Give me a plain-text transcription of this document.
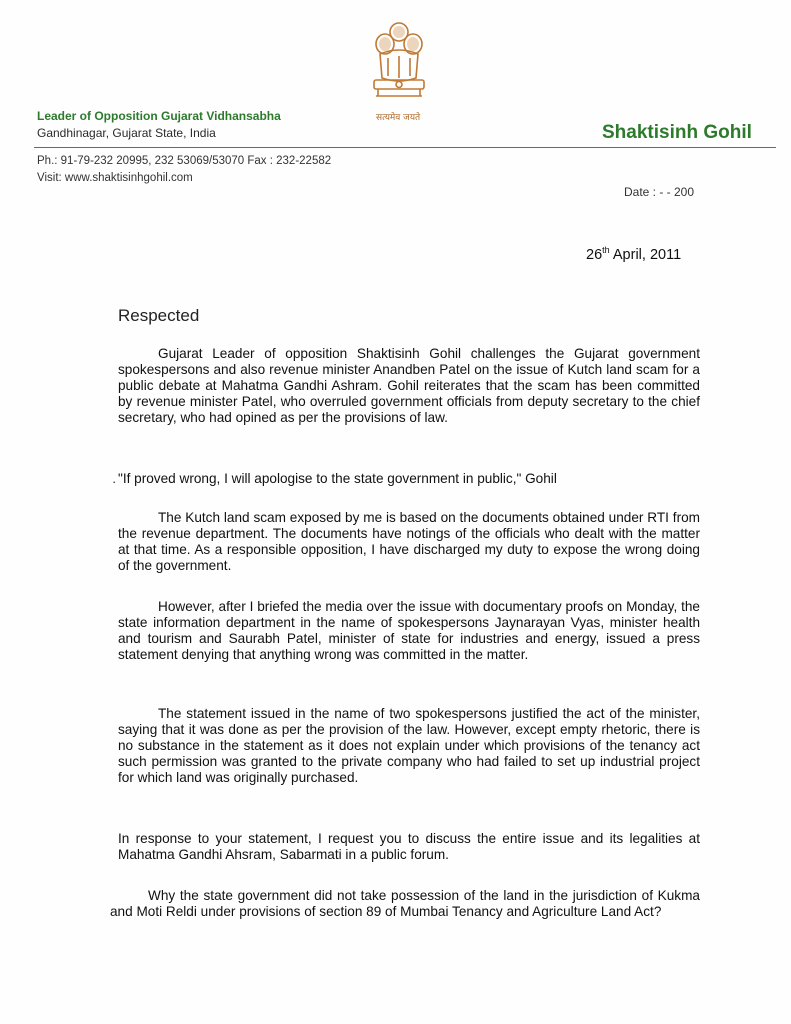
सत्यमेव जयते
Leader of Opposition Gujarat Vidhansabha
Gandhinagar, Gujarat State, India	Shaktisinh Gohil
Ph.: 91-79-232 20995, 232 53069/53070 Fax : 232-22582
Visit: www.shaktisinhgohil.com
Date : - - 200
26th April, 2011
Respected

Gujarat Leader of opposition Shaktisinh Gohil challenges the Gujarat government spokespersons and also revenue minister Anandben Patel on the issue of Kutch land scam for a public debate at Mahatma Gandhi Ashram. Gohil reiterates that the scam has been committed by revenue minister Patel, who overruled government officials from deputy secretary to the chief secretary, who had opined as per the provisions of law.

· "If proved wrong, I will apologise to the state government in public," Gohil

The Kutch land scam exposed by me is based on the documents obtained under RTI from the revenue department. The documents have notings of the officials who dealt with the matter at that time. As a responsible opposition, I have discharged my duty to expose the wrong doing of the government.

However, after I briefed the media over the issue with documentary proofs on Monday, the state information department in the name of spokespersons Jaynarayan Vyas, minister health and tourism and Saurabh Patel, minister of state for industries and energy, issued a press statement denying that anything wrong was committed in the matter.

The statement issued in the name of two spokespersons justified the act of the minister, saying that it was done as per the provision of the law. However, except empty rhetoric, there is no substance in the statement as it does not explain under which provisions of the tenancy act such permission was granted to the private company who had failed to set up industrial project for which land was originally purchased.

In response to your statement, I request you to discuss the entire issue and its legalities at Mahatma Gandhi Ahsram, Sabarmati in a public forum.

Why the state government did not take possession of the land in the jurisdiction of Kukma and Moti Reldi under provisions of section 89 of Mumbai Tenancy and Agriculture Land Act?
